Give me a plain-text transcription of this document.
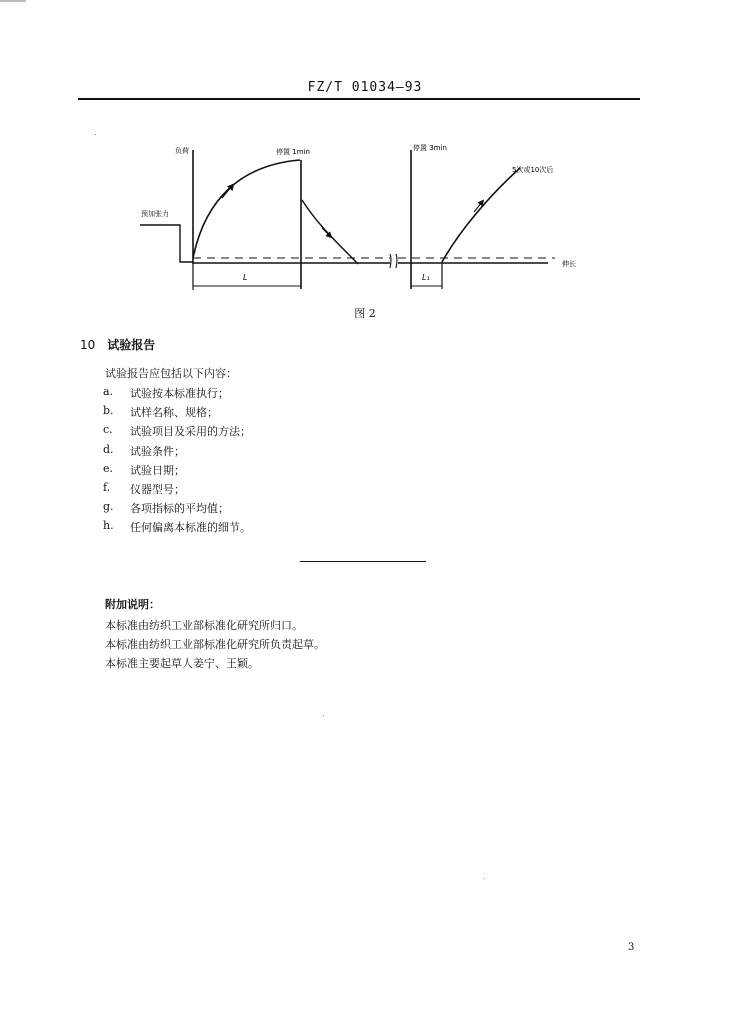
FZ/T 01034—93
负荷
预加张力
停置 1min	停置 3min
5次或10次后
伸长
L	L₁
图 2
10 试验报告
试验报告应包括以下内容：
a.	试验按本标准执行；
b.	试样名称、规格；
c.	试验项目及采用的方法；
d.	试验条件；
e.	试验日期；
f.	仪器型号；
g.	各项指标的平均值；
h.	任何偏离本标准的细节。
附加说明：
本标准由纺织工业部标准化研究所归口。
本标准由纺织工业部标准化研究所负责起草。
本标准主要起草人姜宁、王颖。
3
